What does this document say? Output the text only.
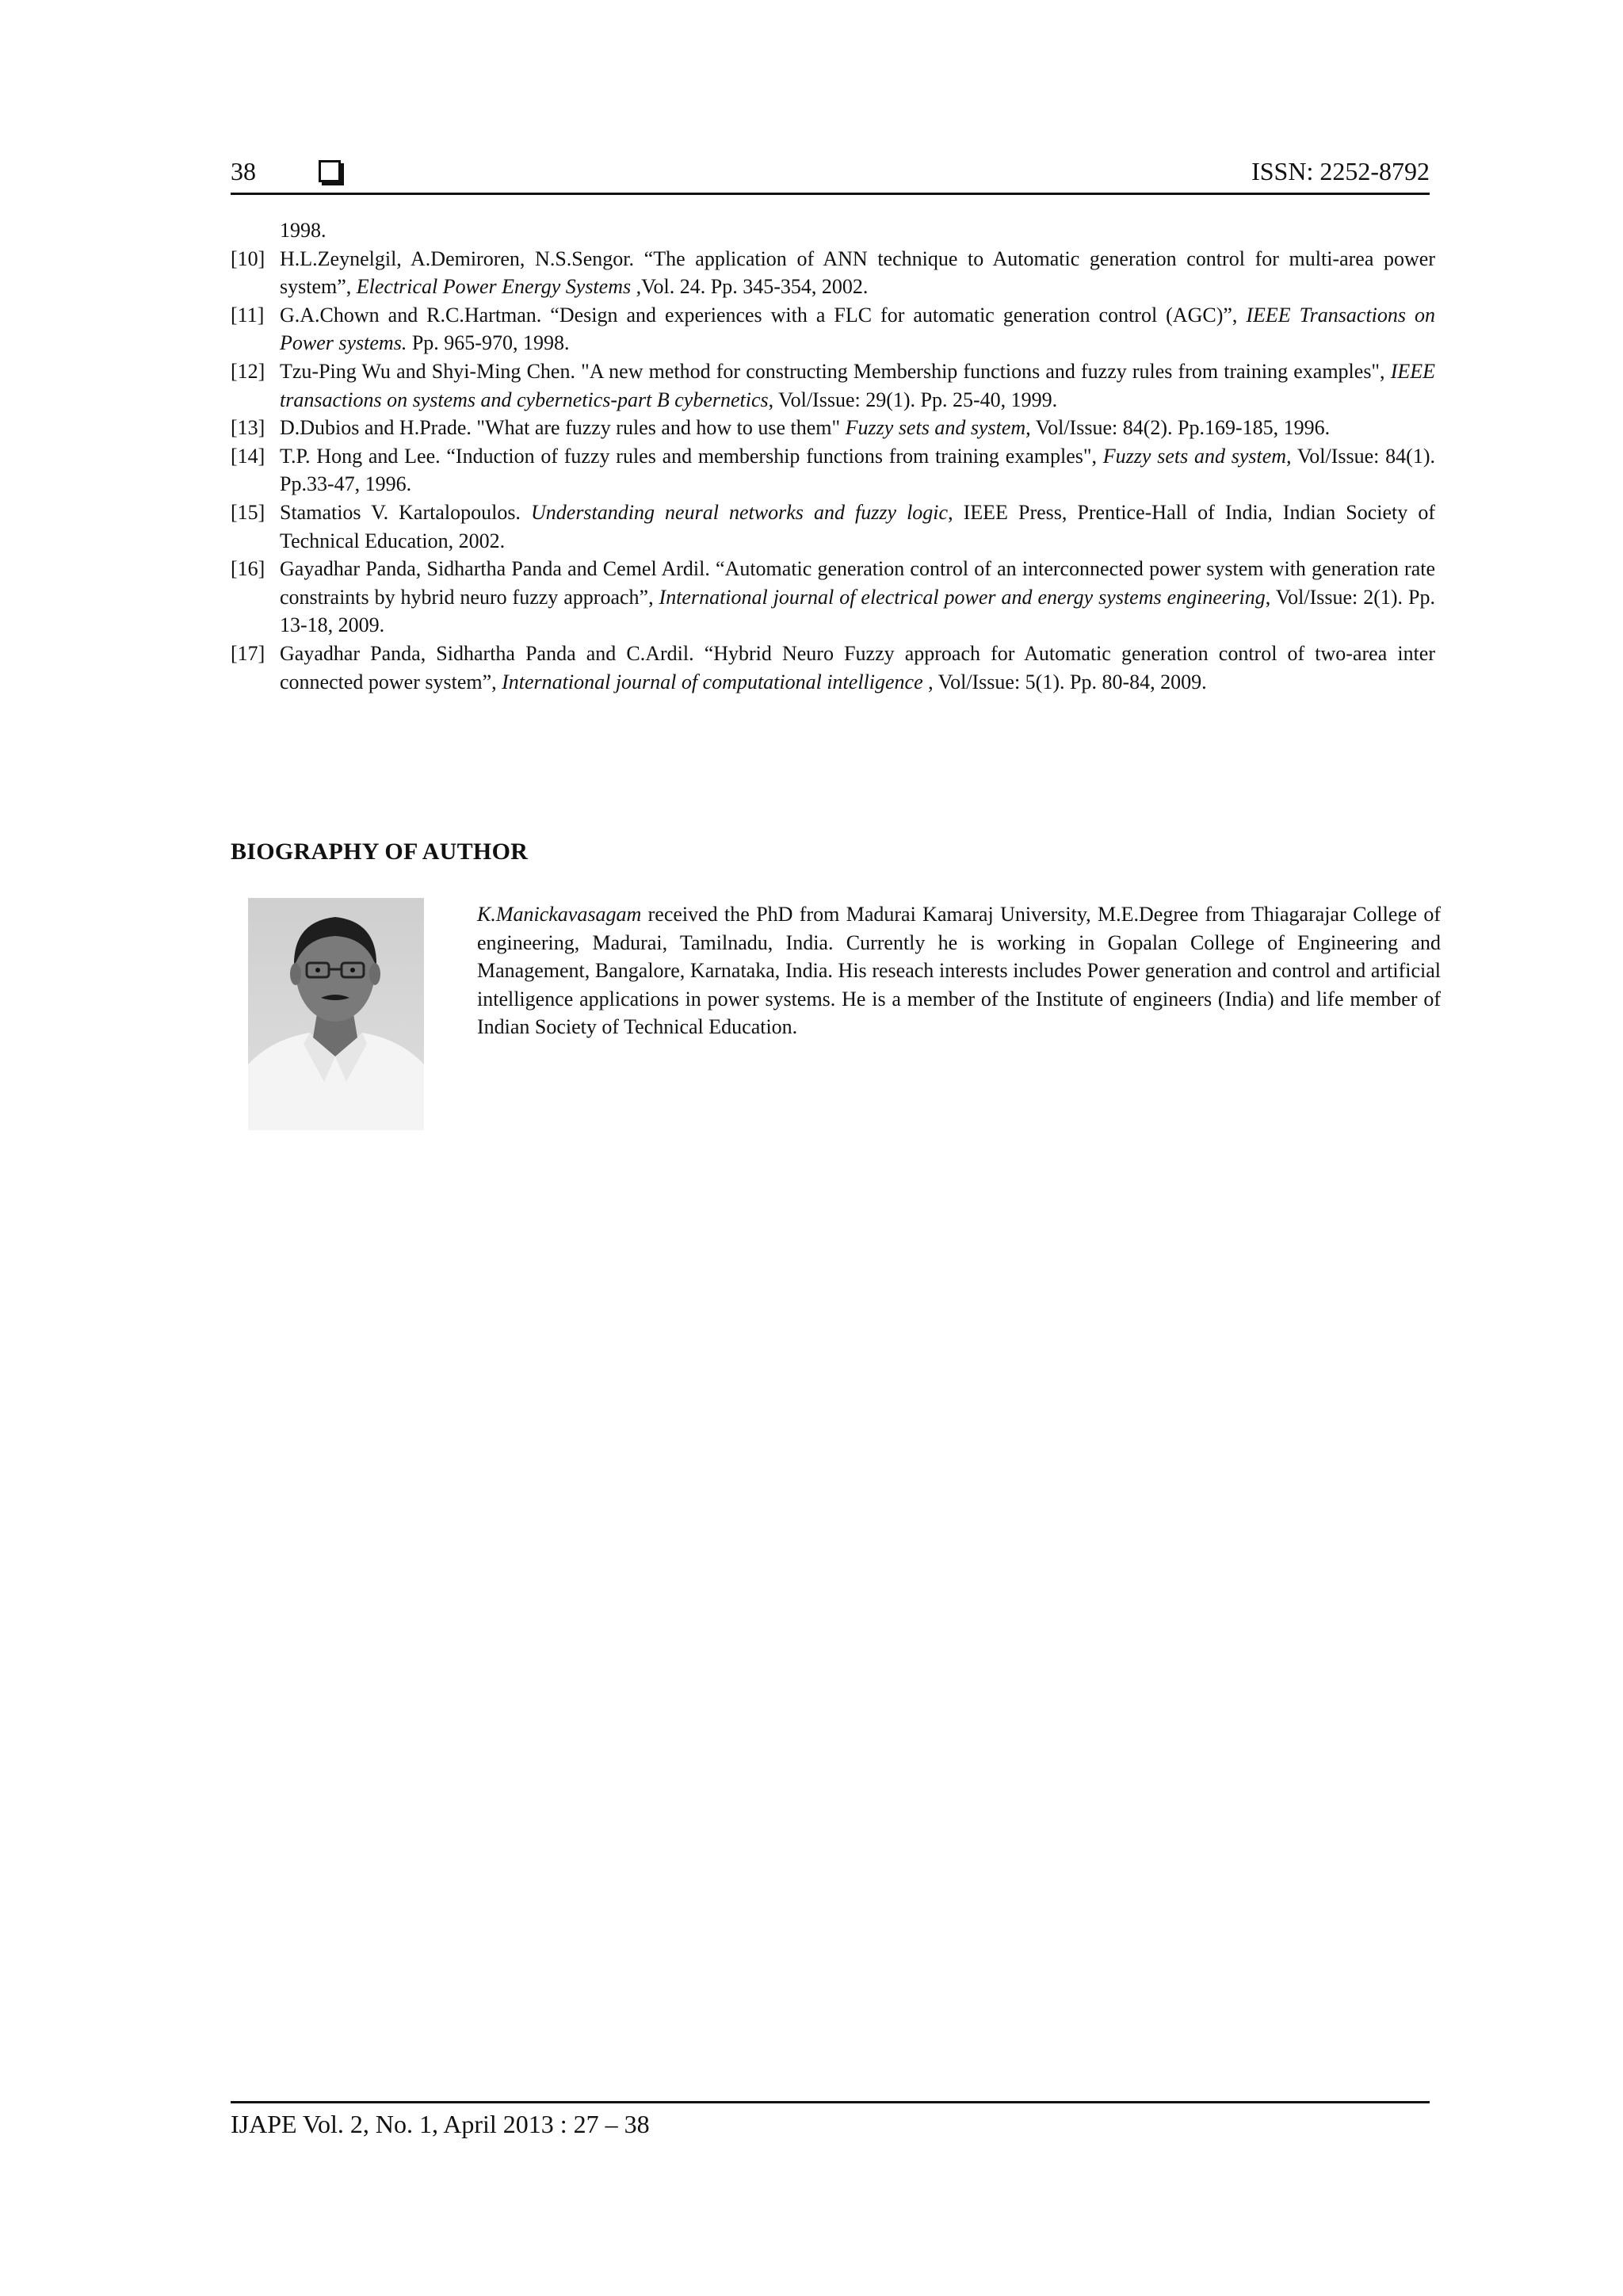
38	ISSN: 2252-8792
1998.
[10] H.L.Zeynelgil, A.Demiroren, N.S.Sengor. “The application of ANN technique to Automatic generation control for multi-area power system”, Electrical Power Energy Systems ,Vol. 24. Pp. 345-354, 2002.
[11] G.A.Chown and R.C.Hartman. “Design and experiences with a FLC for automatic generation control (AGC)”, IEEE Transactions on Power systems. Pp. 965-970, 1998.
[12] Tzu-Ping Wu and Shyi-Ming Chen. "A new method for constructing Membership functions and fuzzy rules from training examples", IEEE transactions on systems and cybernetics-part B cybernetics, Vol/Issue: 29(1). Pp. 25-40, 1999.
[13] D.Dubios and H.Prade. "What are fuzzy rules and how to use them" Fuzzy sets and system, Vol/Issue: 84(2). Pp.169-185, 1996.
[14] T.P. Hong and Lee. “Induction of fuzzy rules and membership functions from training examples", Fuzzy sets and system, Vol/Issue: 84(1). Pp.33-47, 1996.
[15] Stamatios V. Kartalopoulos. Understanding neural networks and fuzzy logic, IEEE Press, Prentice-Hall of India, Indian Society of Technical Education, 2002.
[16] Gayadhar Panda, Sidhartha Panda and Cemel Ardil. “Automatic generation control of an interconnected power system with generation rate constraints by hybrid neuro fuzzy approach”, International journal of electrical power and energy systems engineering, Vol/Issue: 2(1). Pp. 13-18, 2009.
[17] Gayadhar Panda, Sidhartha Panda and C.Ardil. “Hybrid Neuro Fuzzy approach for Automatic generation control of two-area inter connected power system”, International journal of computational intelligence , Vol/Issue: 5(1). Pp. 80-84, 2009.
BIOGRAPHY OF AUTHOR
K.Manickavasagam received the PhD from Madurai Kamaraj University, M.E.Degree from Thiagarajar College of engineering, Madurai, Tamilnadu, India. Currently he is working in Gopalan College of Engineering and Management, Bangalore, Karnataka, India. His reseach interests includes Power generation and control and artificial intelligence applications in power systems. He is a member of the Institute of engineers (India) and life member of Indian Society of Technical Education.
IJAPE Vol. 2, No. 1, April 2013 : 27 – 38
